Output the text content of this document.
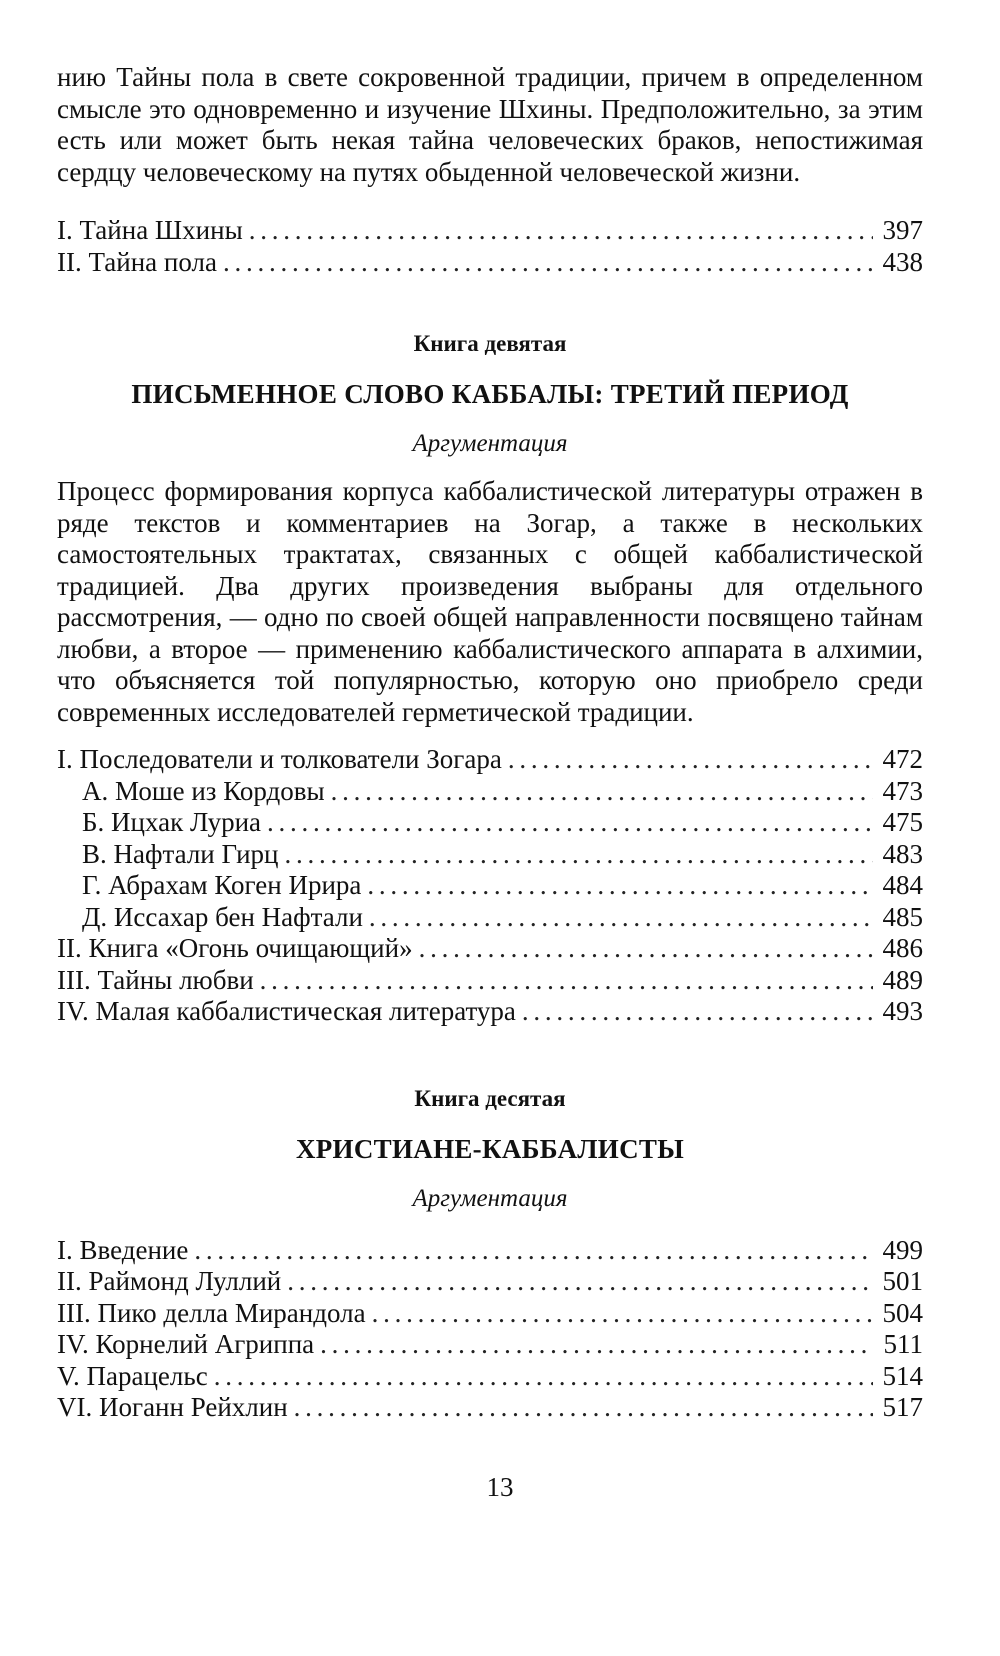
нию Тайны пола в свете сокровенной традиции, причем в определенном смысле это одновременно и изучение Шхины. Предположительно, за этим есть или может быть некая тайна человеческих браков, непостижимая сердцу человеческому на путях обыденной человеческой жизни.

I. Тайна Шхины . . .	397
II. Тайна пола . . .	438
Книга девятая
ПИСЬМЕННОЕ СЛОВО КАББАЛЫ: ТРЕТИЙ ПЕРИОД
Аргументация

Процесс формирования корпуса каббалистической литературы отражен в ряде текстов и комментариев на Зогар, а также в нескольких самостоятельных трактатах, связанных с общей каббалистической традицией. Два других произведения выбраны для отдельного рассмотрения, — одно по своей общей направленности посвящено тайнам любви, а второе — применению каббалистического аппарата в алхимии, что объясняется той популярностью, которую оно приобрело среди современных исследователей герметической традиции.

I. Последователи и толкователи Зогара . . .	472
А. Моше из Кордовы . . .	473
Б. Ицхак Луриа . . .	475
В. Нафтали Гирц . . .	483
Г. Абрахам Коген Ирира . . .	484
Д. Иссахар бен Нафтали . . .	485
II. Книга «Огонь очищающий» . . .	486
III. Тайны любви . . .	489
IV. Малая каббалистическая литература . . .	493
Книга десятая
ХРИСТИАНЕ-КАББАЛИСТЫ
Аргументация
I. Введение . . .	499
II. Раймонд Луллий . . .	501
III. Пико делла Мирандола . . .	504
IV. Корнелий Агриппа . . .	511
V. Парацельс . . .	514
VI. Иоганн Рейхлин . . .	517
13
